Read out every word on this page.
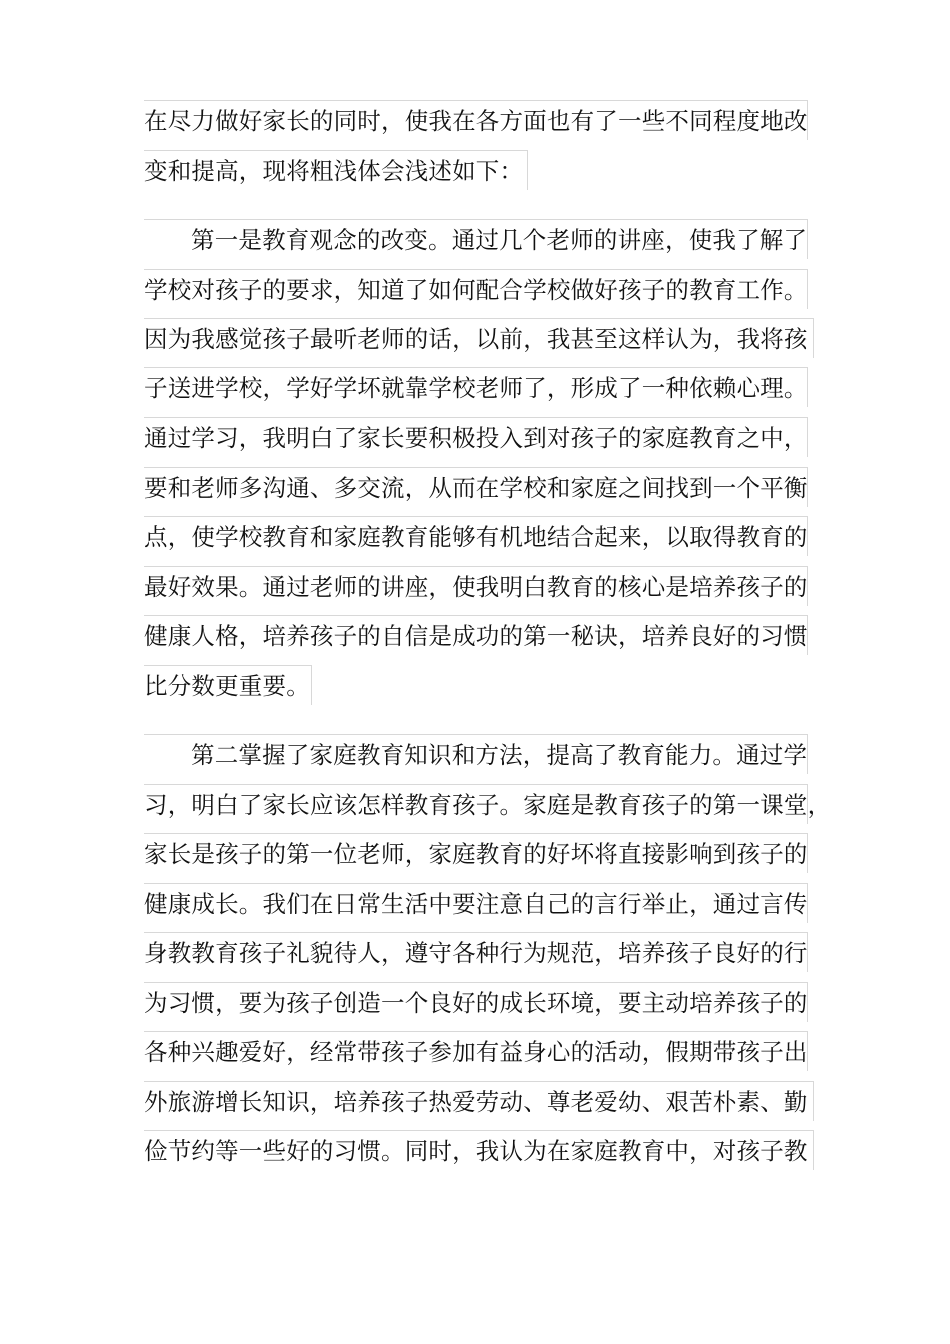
在尽力做好家长的同时，使我在各方面也有了一些不同程度地改
变和提高，现将粗浅体会浅述如下：
第一是教育观念的改变。通过几个老师的讲座，使我了解了
学校对孩子的要求，知道了如何配合学校做好孩子的教育工作。
因为我感觉孩子最听老师的话，以前，我甚至这样认为，我将孩
子送进学校，学好学坏就靠学校老师了，形成了一种依赖心理。
通过学习，我明白了家长要积极投入到对孩子的家庭教育之中，
要和老师多沟通、多交流，从而在学校和家庭之间找到一个平衡
点，使学校教育和家庭教育能够有机地结合起来，以取得教育的
最好效果。通过老师的讲座，使我明白教育的核心是培养孩子的
健康人格，培养孩子的自信是成功的第一秘诀，培养良好的习惯
比分数更重要。
第二掌握了家庭教育知识和方法，提高了教育能力。通过学
习，明白了家长应该怎样教育孩子。家庭是教育孩子的第一课堂，
家长是孩子的第一位老师，家庭教育的好坏将直接影响到孩子的
健康成长。我们在日常生活中要注意自己的言行举止，通过言传
身教教育孩子礼貌待人，遵守各种行为规范，培养孩子良好的行
为习惯，要为孩子创造一个良好的成长环境，要主动培养孩子的
各种兴趣爱好，经常带孩子参加有益身心的活动，假期带孩子出
外旅游增长知识，培养孩子热爱劳动、尊老爱幼、艰苦朴素、勤
俭节约等一些好的习惯。同时，我认为在家庭教育中，对孩子教
